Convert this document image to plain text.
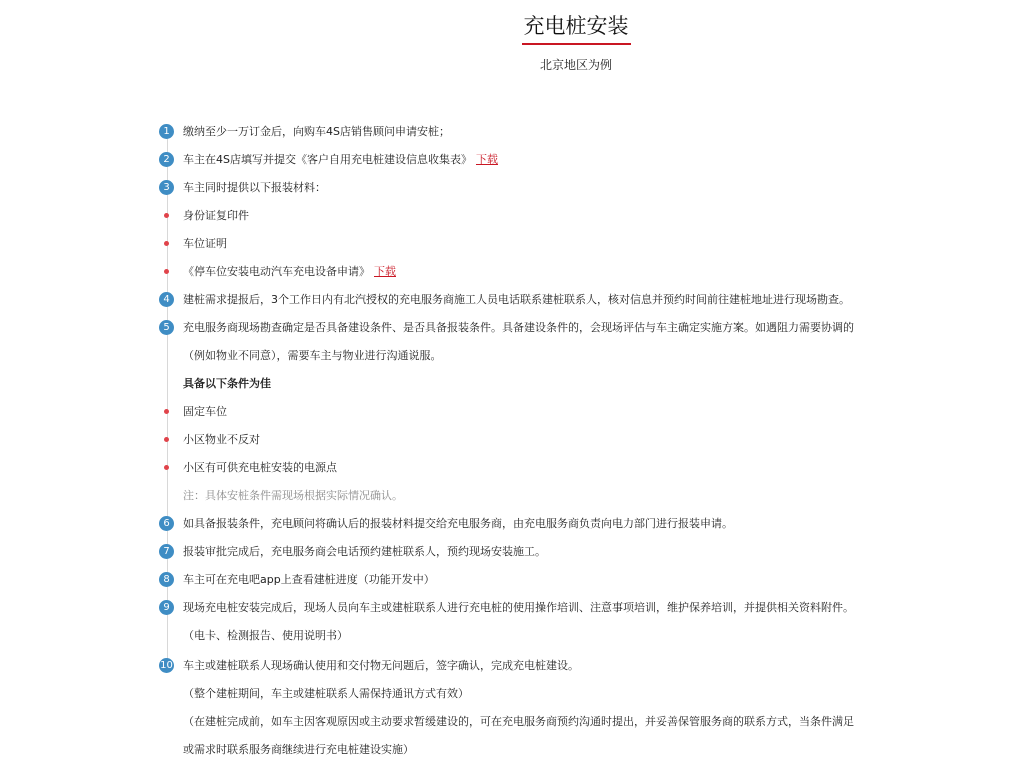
充电桩安装
北京地区为例
1	缴纳至少一万订金后，向购车4S店销售顾问申请安桩；
2	车主在4S店填写并提交《客户自用充电桩建设信息收集表》 下载
3	车主同时提供以下报装材料：
身份证复印件
车位证明
《停车位安装电动汽车充电设备申请》 下载
4	建桩需求提报后，3个工作日内有北汽授权的充电服务商施工人员电话联系建桩联系人，核对信息并预约时间前往建桩地址进行现场勘查。
5	充电服务商现场勘查确定是否具备建设条件、是否具备报装条件。具备建设条件的，会现场评估与车主确定实施方案。如遇阻力需要协调的
（例如物业不同意），需要车主与物业进行沟通说服。
具备以下条件为佳
固定车位
小区物业不反对
小区有可供充电桩安装的电源点
注：具体安桩条件需现场根据实际情况确认。
6	如具备报装条件，充电顾问将确认后的报装材料提交给充电服务商，由充电服务商负责向电力部门进行报装申请。
7	报装审批完成后，充电服务商会电话预约建桩联系人，预约现场安装施工。
8	车主可在充电吧app上查看建桩进度（功能开发中）
9	现场充电桩安装完成后，现场人员向车主或建桩联系人进行充电桩的使用操作培训、注意事项培训，维护保养培训，并提供相关资料附件。
（电卡、检测报告、使用说明书）
10 车主或建桩联系人现场确认使用和交付物无问题后，签字确认，完成充电桩建设。
（整个建桩期间，车主或建桩联系人需保持通讯方式有效）
（在建桩完成前，如车主因客观原因或主动要求暂缓建设的，可在充电服务商预约沟通时提出，并妥善保管服务商的联系方式，当条件满足
或需求时联系服务商继续进行充电桩建设实施）
